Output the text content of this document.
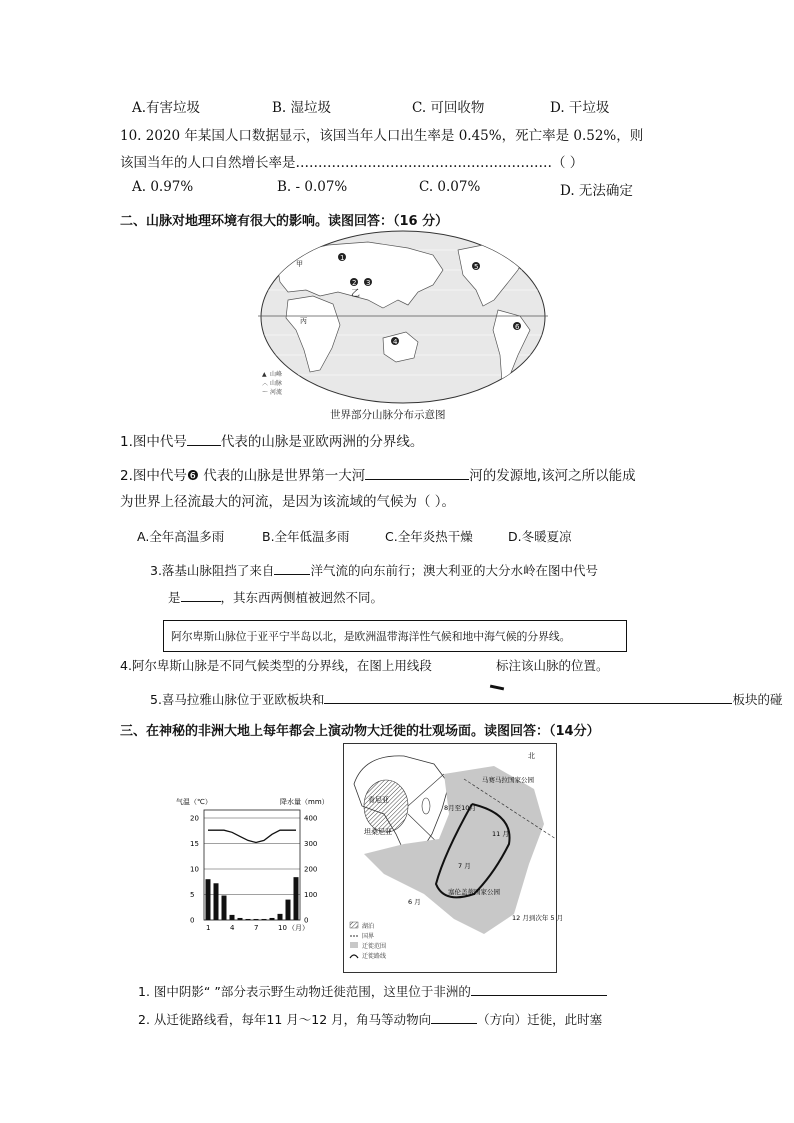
A.有害垃圾	B. 湿垃圾	C. 可回收物	D. 干垃圾
10. 2020 年某国人口数据显示，该国当年人口出生率是 0.45%，死亡率是 0.52%，则
该国当年的人口自然增长率是…………………………………………………（ ）
A. 0.97%	B. - 0.07%	C. 0.07%	D. 无法确定
二、山脉对地理环境有很大的影响。读图回答：（16 分）
1
2 3
4
5
6
甲
乙
丙
▲ 山峰
︿ 山脉
～ 河流
世界部分山脉分布示意图
1.图中代号	代表的山脉是亚欧两洲的分界线。
2.图中代号❻ 代表的山脉是世界第一大河	河的发源地,该河之所以能成
为世界上径流最大的河流，是因为该流域的气候为（ ）。
A.全年高温多雨	B.全年低温多雨	C.全年炎热干燥	D.冬暖夏凉
3.落基山脉阻挡了来自	洋气流的向东前行；澳大利亚的大分水岭在图中代号
是	，其东西两侧植被迥然不同。
阿尔卑斯山脉位于亚平宁半岛以北，是欧洲温带海洋性气候和地中海气候的分界线。
4.阿尔卑斯山脉是不同气候类型的分界线，在图上用线段	标注该山脉的位置。
5.喜马拉雅山脉位于亚欧板块和	板块的碰
三、在神秘的非洲大地上每年都会上演动物大迁徙的壮观场面。读图回答：（14分）
气温（℃）	降水量（mm）
20
15
10
5
0
400
300
200
100
0
1	4	7	10 （月）
肯尼亚
坦桑尼亚
北
马赛马拉国家公园
8月至10月
11 月
7 月
6 月
塞伦盖蒂国家公园
12 月到次年 5 月
湖泊
国界
迁徙范围
迁徙路线
1. 图中阴影“ ”部分表示野生动物迁徙范围，这里位于非洲的
2. 从迁徙路线看，每年11 月～12 月，角马等动物向	（方向）迁徙，此时塞
